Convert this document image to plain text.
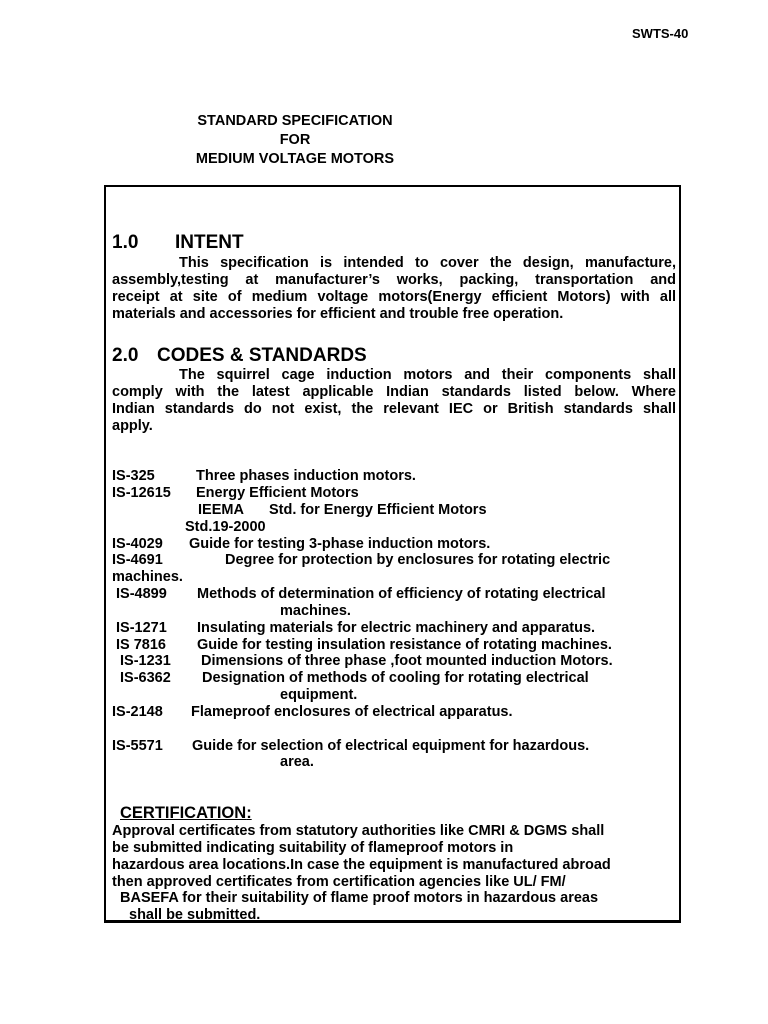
SWTS-40
STANDARD SPECIFICATION
FOR
MEDIUM VOLTAGE MOTORS
1.0 INTENT
This specification is intended to cover the design, manufacture,
assembly,testing at manufacturer’s works, packing, transportation and
receipt at site of medium voltage motors(Energy efficient Motors) with all
materials and accessories for efficient and trouble free operation.
2.0 CODES & STANDARDS
The squirrel cage induction motors and their components shall
comply with the latest applicable Indian standards listed below. Where
Indian standards do not exist, the relevant IEC or British standards shall
apply.
IS-325	Three phases induction motors.
IS-12615 Energy Efficient Motors
IEEMA Std. for Energy Efficient Motors
Std.19-2000
IS-4029 Guide for testing 3-phase induction motors.
IS-4691	Degree for protection by enclosures for rotating electric
machines.
IS-4899 Methods of determination of efficiency of rotating electrical
machines.
IS-1271 Insulating materials for electric machinery and apparatus.
IS 7816 Guide for testing insulation resistance of rotating machines.
IS-1231 Dimensions of three phase ,foot mounted induction Motors.
IS-6362 Designation of methods of cooling for rotating electrical
equipment.
IS-2148 Flameproof enclosures of electrical apparatus.
IS-5571 Guide for selection of electrical equipment for hazardous.
area.
CERTIFICATION:
Approval certificates from statutory authorities like CMRI & DGMS shall
be submitted indicating suitability of flameproof motors in
hazardous area locations.In case the equipment is manufactured abroad
then approved certificates from certification agencies like UL/ FM/
BASEFA for their suitability of flame proof motors in hazardous areas
shall be submitted.
